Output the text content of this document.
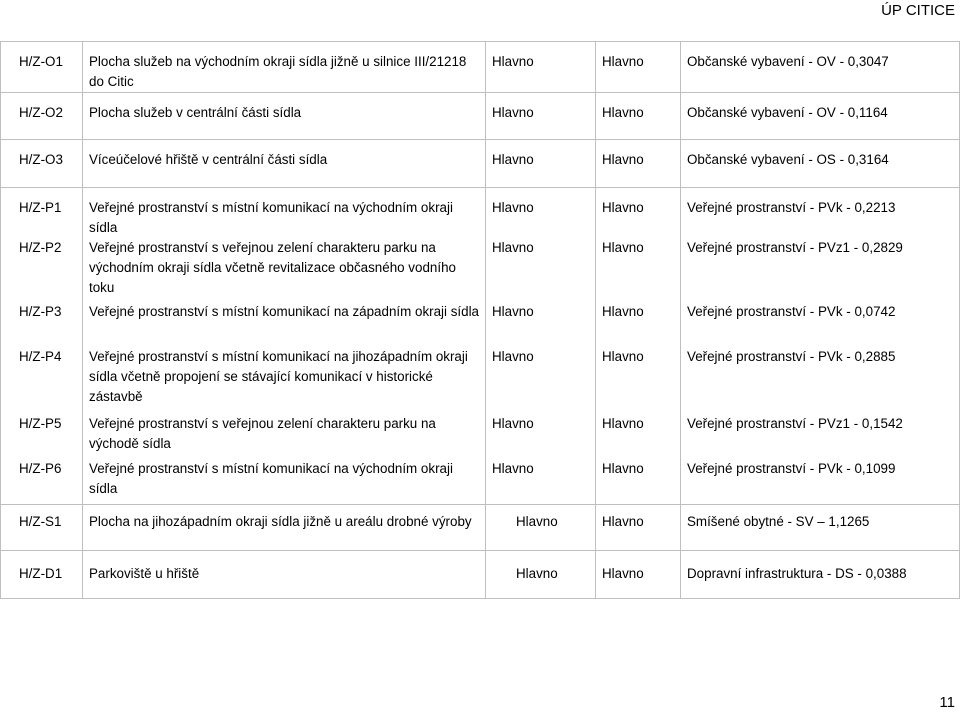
ÚP CITICE
H/Z-O1	Plocha služeb na východním okraji sídla jižně u silnice III/21218 do Citic	Hlavno	Hlavno	Občanské vybavení - OV - 0,3047
H/Z-O2	Plocha služeb v centrální části sídla	Hlavno	Hlavno	Občanské vybavení - OV - 0,1164
H/Z-O3	Víceúčelové hřiště v centrální části sídla	Hlavno	Hlavno	Občanské vybavení - OS - 0,3164
H/Z-P1	Veřejné prostranství s místní komunikací na východním okraji sídla	Hlavno	Hlavno	Veřejné prostranství - PVk - 0,2213
H/Z-P2	Veřejné prostranství s veřejnou zelení charakteru parku na východním okraji sídla včetně revitalizace občasného vodního toku	Hlavno	Hlavno	Veřejné prostranství - PVz1 - 0,2829
H/Z-P3	Veřejné prostranství s místní komunikací na západním okraji sídla	Hlavno	Hlavno	Veřejné prostranství - PVk - 0,0742
H/Z-P4	Veřejné prostranství s místní komunikací na jihozápadním okraji sídla včetně propojení se stávající komunikací v historické zástavbě	Hlavno	Hlavno	Veřejné prostranství - PVk - 0,2885
H/Z-P5	Veřejné prostranství s veřejnou zelení charakteru parku na východě sídla	Hlavno	Hlavno	Veřejné prostranství - PVz1 - 0,1542
H/Z-P6	Veřejné prostranství s místní komunikací na východním okraji sídla	Hlavno	Hlavno	Veřejné prostranství - PVk - 0,1099
H/Z-S1	Plocha na jihozápadním okraji sídla jižně u areálu drobné výroby	Hlavno	Hlavno	Smíšené obytné - SV – 1,1265
H/Z-D1	Parkoviště u hřiště	Hlavno	Hlavno	Dopravní infrastruktura - DS - 0,0388
11
